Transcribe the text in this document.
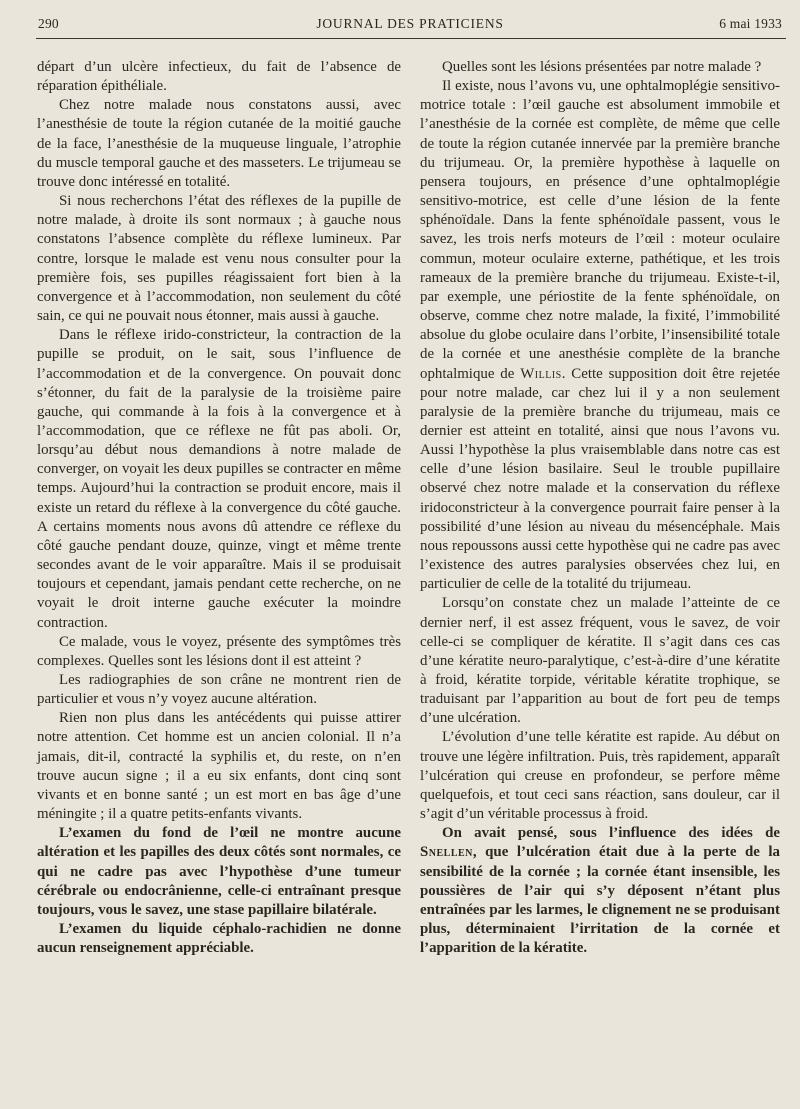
290	JOURNAL DES PRATICIENS	6 mai 1933

départ d’un ulcère infectieux, du fait de l’absence de réparation épithéliale.

Chez notre malade nous constatons aussi, avec l’anesthésie de toute la région cutanée de la moitié gauche de la face, l’anesthésie de la muqueuse linguale, l’atrophie du muscle temporal gauche et des masseters. Le trijumeau se trouve donc intéressé en totalité.

Si nous recherchons l’état des réflexes de la pupille de notre malade, à droite ils sont normaux ; à gauche nous constatons l’absence complète du réflexe lumineux. Par contre, lorsque le malade est venu nous consulter pour la première fois, ses pupilles réagissaient fort bien à la convergence et à l’accommodation, non seulement du côté sain, ce qui ne pouvait nous étonner, mais aussi à gauche.

Dans le réflexe irido-constricteur, la contraction de la pupille se produit, on le sait, sous l’influence de l’accommodation et de la convergence. On pouvait donc s’étonner, du fait de la paralysie de la troisième paire gauche, qui commande à la fois à la convergence et à l’accommodation, que ce réflexe ne fût pas aboli. Or, lorsqu’au début nous demandions à notre malade de converger, on voyait les deux pupilles se contracter en même temps. Aujourd’hui la contraction se produit encore, mais il existe un retard du réflexe à la convergence du côté gauche. A certains moments nous avons dû attendre ce réflexe du côté gauche pendant douze, quinze, vingt et même trente secondes avant de le voir apparaître. Mais il se produisait toujours et cependant, jamais pendant cette recherche, on ne voyait le droit interne gauche exécuter la moindre contraction.

Ce malade, vous le voyez, présente des symptômes très complexes. Quelles sont les lésions dont il est atteint ?

Les radiographies de son crâne ne montrent rien de particulier et vous n’y voyez aucune altération.

Rien non plus dans les antécédents qui puisse attirer notre attention. Cet homme est un ancien colonial. Il n’a jamais, dit-il, contracté la syphilis et, du reste, on n’en trouve aucun signe ; il a eu six enfants, dont cinq sont vivants et en bonne santé ; un est mort en bas âge d’une méningite ; il a quatre petits-enfants vivants.

L’examen du fond de l’œil ne montre aucune altération et les papilles des deux côtés sont normales, ce qui ne cadre pas avec l’hypothèse d’une tumeur cérébrale ou endocrânienne, celle-ci entraînant presque toujours, vous le savez, une stase papillaire bilatérale.

L’examen du liquide céphalo-rachidien ne donne aucun renseignement appréciable.

Quelles sont les lésions présentées par notre malade ?

Il existe, nous l’avons vu, une ophtalmoplégie sensitivo-motrice totale : l’œil gauche est absolument immobile et l’anesthésie de la cornée est complète, de même que celle de toute la région cutanée innervée par la première branche du trijumeau. Or, la première hypothèse à laquelle on pensera toujours, en présence d’une ophtalmoplégie sensitivo-motrice, est celle d’une lésion de la fente sphénoïdale. Dans la fente sphénoïdale passent, vous le savez, les trois nerfs moteurs de l’œil : moteur oculaire commun, moteur oculaire externe, pathétique, et les trois rameaux de la première branche du trijumeau. Existe-t-il, par exemple, une périostite de la fente sphénoïdale, on observe, comme chez notre malade, la fixité, l’immobilité absolue du globe oculaire dans l’orbite, l’insensibilité totale de la cornée et une anesthésie complète de la branche ophtalmique de Willis. Cette supposition doit être rejetée pour notre malade, car chez lui il y a non seulement paralysie de la première branche du trijumeau, mais ce dernier est atteint en totalité, ainsi que nous l’avons vu. Aussi l’hypothèse la plus vraisemblable dans notre cas est celle d’une lésion basilaire. Seul le trouble pupillaire observé chez notre malade et la conservation du réflexe iridoconstricteur à la convergence pourrait faire penser à la possibilité d’une lésion au niveau du mésencéphale. Mais nous repoussons aussi cette hypothèse qui ne cadre pas avec l’existence des autres paralysies observées chez lui, en particulier de celle de la totalité du trijumeau.

Lorsqu’on constate chez un malade l’atteinte de ce dernier nerf, il est assez fréquent, vous le savez, de voir celle-ci se compliquer de kératite. Il s’agit dans ces cas d’une kératite neuro-paralytique, c’est-à-dire d’une kératite à froid, kératite torpide, véritable kératite trophique, se traduisant par l’apparition au bout de fort peu de temps d’une ulcération.

L’évolution d’une telle kératite est rapide. Au début on trouve une légère infiltration. Puis, très rapidement, apparaît l’ulcération qui creuse en profondeur, se perfore même quelquefois, et tout ceci sans réaction, sans douleur, car il s’agit d’un véritable processus à froid.

On avait pensé, sous l’influence des idées de Snellen, que l’ulcération était due à la perte de la sensibilité de la cornée ; la cornée étant insensible, les poussières de l’air qui s’y déposent n’étant plus entraînées par les larmes, le clignement ne se produisant plus, déterminaient l’irritation de la cornée et l’apparition de la kératite.
